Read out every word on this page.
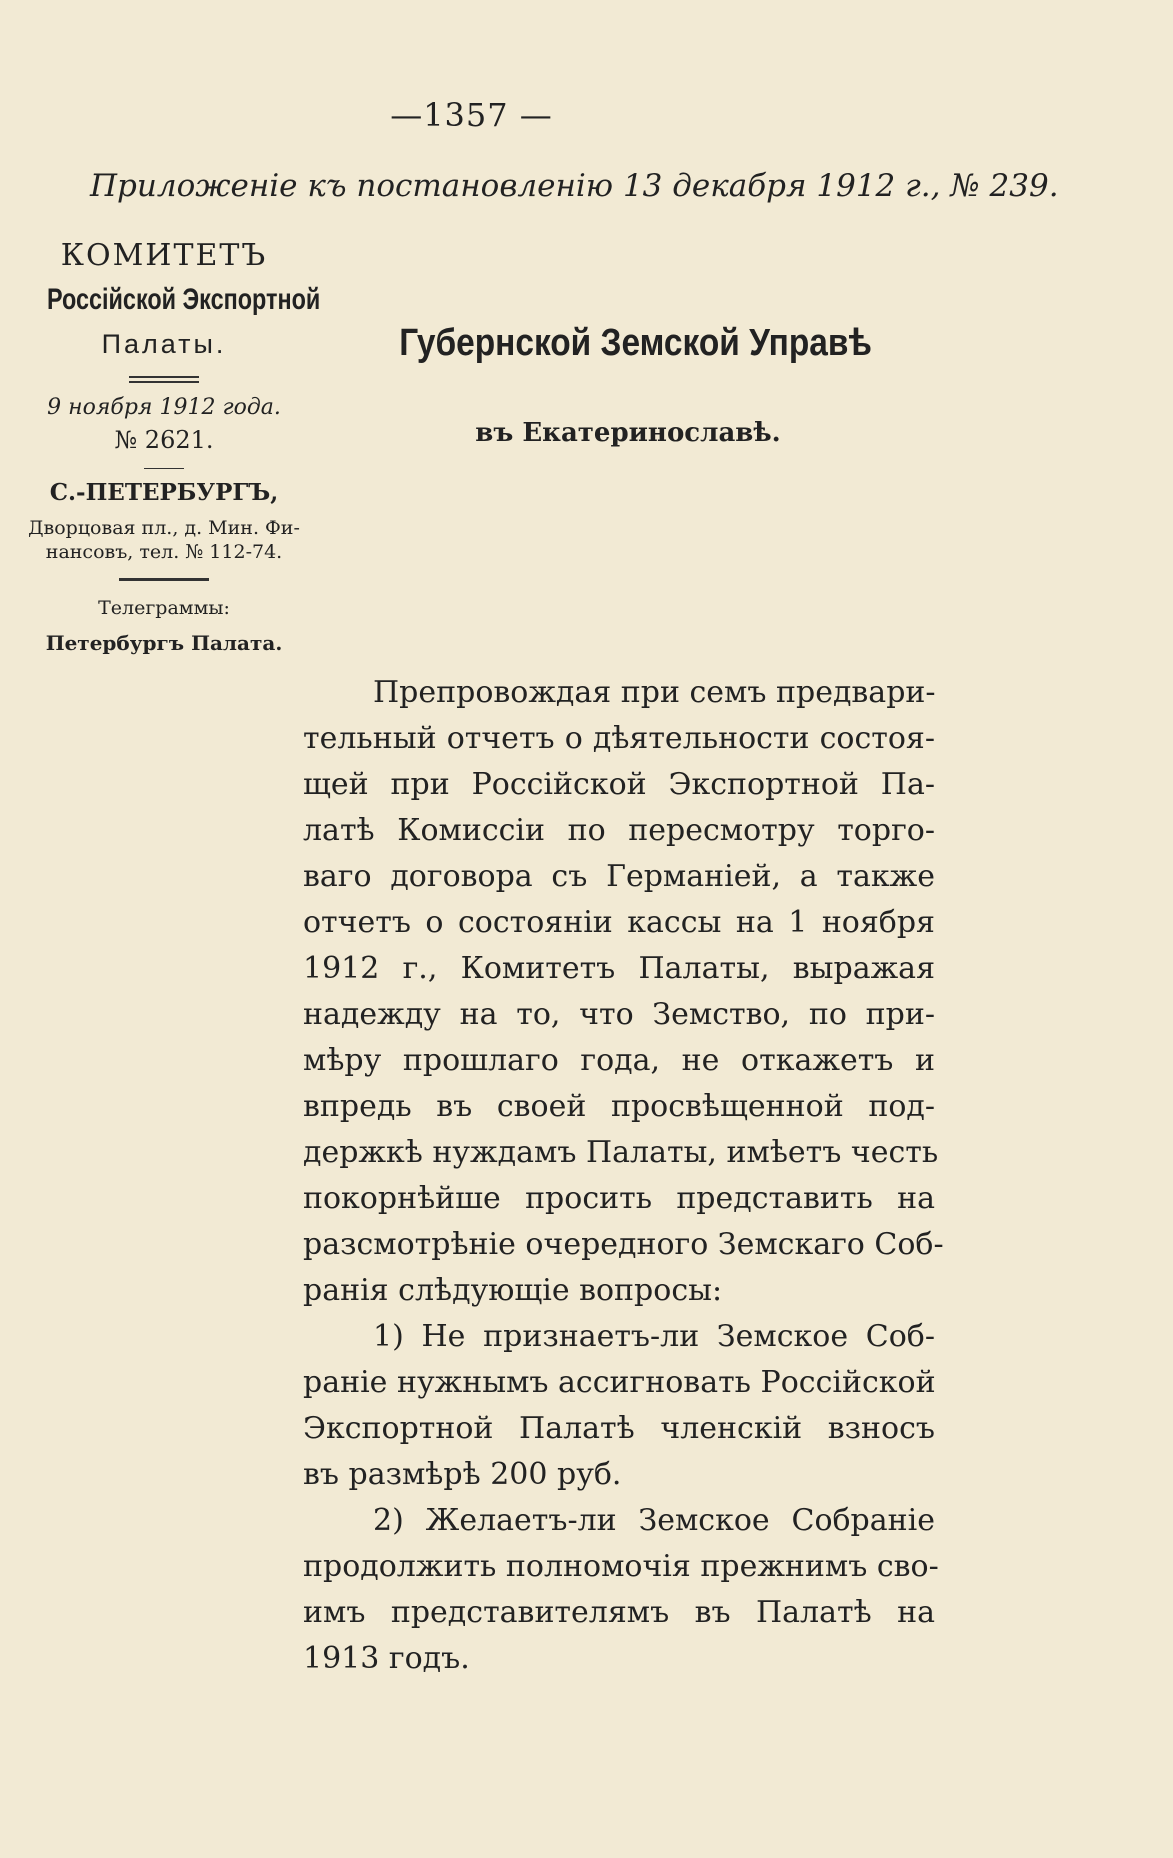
—1357 —
Приложенiе къ постановленiю 13 декабря 1912 г., № 239.
КОМИТЕТЪ
Россiйской Экспортной
Палаты.
9 ноября 1912 года.
№ 2621.
С.-ПЕТЕРБУРГЪ,
Дворцовая пл., д. Мин. Фи-
нансовъ, тел. № 112-74.
Телеграммы:
Петербургъ Палата.
Губернской Земской Управѣ
въ Екатеринославѣ.
Препровождая при семъ предвари-
тельный отчетъ о дѣятельности состоя-
щей при Россiйской Экспортной Па-
латѣ Комиссiи по пересмотру торго-
ваго договора съ Германiей, а также
отчетъ о состоянiи кассы на 1 ноября
1912 г., Комитетъ Палаты, выражая
надежду на то, что Земство, по при-
мѣру прошлаго года, не откажетъ и
впредь въ своей просвѣщенной под-
держкѣ нуждамъ Палаты, имѣетъ честь
покорнѣйше просить представить на
разсмотрѣнiе очередного Земскаго Соб-
ранiя слѣдующiе вопросы:
1) Не признаетъ-ли Земское Соб-
ранiе нужнымъ ассигновать Россiйской
Экспортной Палатѣ членскiй взносъ
въ размѣрѣ 200 руб.
2) Желаетъ-ли Земское Собранiе
продолжить полномочiя прежнимъ сво-
имъ представителямъ въ Палатѣ на
1913 годъ.
